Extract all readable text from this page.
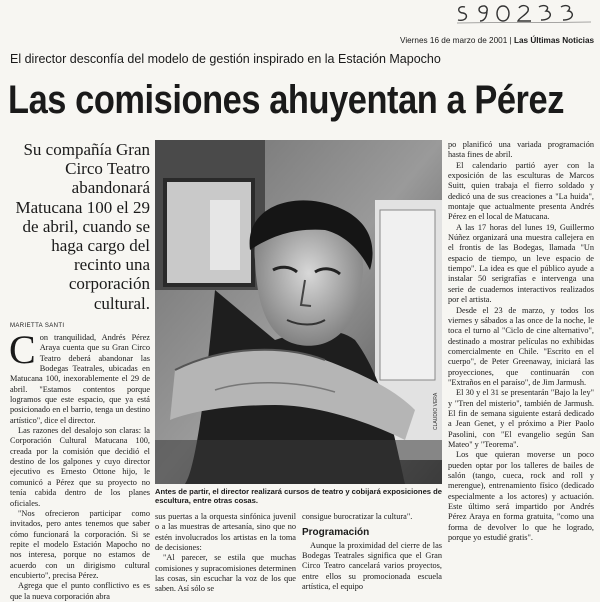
Viernes 16 de marzo de 2001 | Las Últimas Noticias
El director desconfía del modelo de gestión inspirado en la Estación Mapocho
Las comisiones ahuyentan a Pérez
Su compañía Gran Circo Teatro abandonará Matucana 100 el 29 de abril, cuando se haga cargo del recinto una corporación cultural.
MARIETTA SANTI
C on tranquilidad, Andrés Pérez Araya cuenta que su Gran Circo Teatro deberá abandonar las Bodegas Teatrales, ubicadas en Matucana 100, inexorablemente el 29 de abril. "Estamos contentos porque logramos que este espacio, que ya está posicionado en el barrio, tenga un destino artístico", dice el director.

Las razones del desalojo son claras: la Corporación Cultural Matucana 100, creada por la comisión que decidió el destino de los galpones y cuyo director ejecutivo es Ernesto Ottone hijo, le comunicó a Pérez que su proyecto no tenía cabida dentro de los planes oficiales.

"Nos ofrecieron participar como invitados, pero antes tenemos que saber cómo funcionará la corporación. Si se repite el modelo Estación Mapocho no nos interesa, porque no estamos de acuerdo con un dirigismo cultural encubierto", precisa Pérez.

Agrega que el punto conflictivo es es que la nueva corporación abra

CLAUDIO VERA
Antes de partir, el director realizará cursos de teatro y cobijará exposiciones de escultura, entre otras cosas.

sus puertas a la orquesta sinfónica juvenil o a las muestras de artesanía, sino que no estén involucrados los artistas en la toma de decisiones:

"Al parecer, se estila que muchas comisiones y supracomisiones determinen las cosas, sin escuchar la voz de los que saben. Así sólo se

consigue burocratizar la cultura".

Programación

Aunque la proximidad del cierre de las Bodegas Teatrales significa que el Gran Circo Teatro cancelará varios proyectos, entre ellos su promocionada escuela artística, el equipo

po planificó una variada programación hasta fines de abril.

El calendario partió ayer con la exposición de las esculturas de Marcos Suitt, quien trabaja el fierro soldado y dedicó una de sus creaciones a "La huida", montaje que actualmente presenta Andrés Pérez en el local de Matucana.

A las 17 horas del lunes 19, Guillermo Núñez organizará una muestra callejera en el frontis de las Bodegas, llamada "Un espacio de tiempo, un leve espacio de tiempo". La idea es que el público ayude a instalar 50 serigrafías e intervenga una serie de cuadernos interactivos realizados por el artista.

Desde el 23 de marzo, y todos los viernes y sábados a las once de la noche, le toca el turno al "Ciclo de cine alternativo", destinado a mostrar películas no exhibidas comercialmente en Chile. "Escrito en el cuerpo", de Peter Greenaway, iniciará las proyecciones, que continuarán con "Extraños en el paraíso", de Jim Jarmush.

El 30 y el 31 se presentarán "Bajo la ley" y "Tren del misterio", también de Jarmush. El fin de semana siguiente estará dedicado a Jean Genet, y el próximo a Pier Paolo Pasolini, con "El evangelio según San Mateo" y "Teorema".

Los que quieran moverse un poco pueden optar por los talleres de bailes de salón (tango, cueca, rock and roll y merengue), entrenamiento físico (dedicado especialmente a los actores) y actuación. Este último será impartido por Andrés Pérez Araya en forma gratuita, "como una forma de devolver lo que he logrado, porque yo estudié gratis".
